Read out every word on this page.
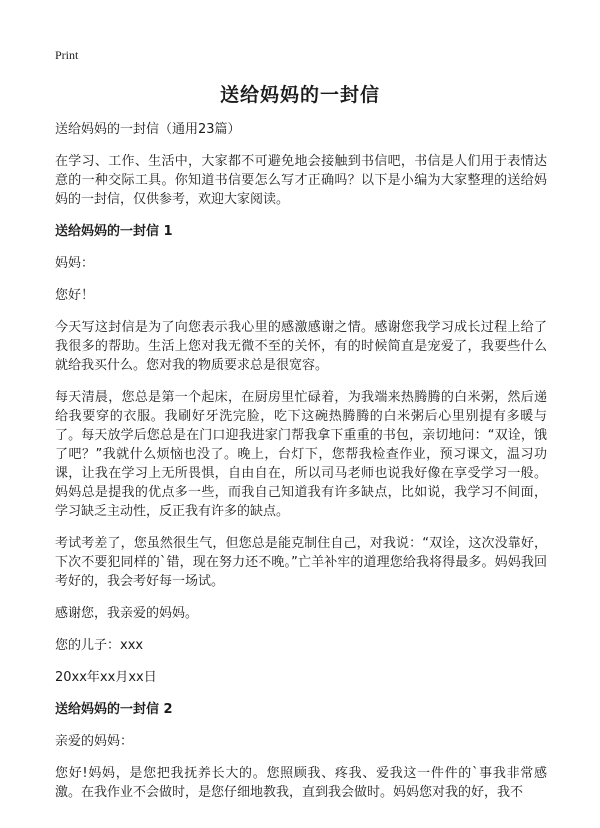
Print
送给妈妈的一封信
送给妈妈的一封信（通用23篇）
在学习、工作、生活中，大家都不可避免地会接触到书信吧，书信是人们用于表情达意的一种交际工具。你知道书信要怎么写才正确吗？以下是小编为大家整理的送给妈妈的一封信，仅供参考，欢迎大家阅读。
送给妈妈的一封信 1
妈妈：
您好！
今天写这封信是为了向您表示我心里的感激感谢之情。感谢您我学习成长过程上给了我很多的帮助。生活上您对我无微不至的关怀，有的时候简直是宠爱了，我要些什么就给我买什么。您对我的物质要求总是很宽容。
每天清晨，您总是第一个起床，在厨房里忙碌着，为我端来热腾腾的白米粥，然后递给我要穿的衣服。我刷好牙洗完脸，吃下这碗热腾腾的白米粥后心里别提有多暖与了。每天放学后您总是在门口迎我进家门帮我拿下重重的书包，亲切地问：“双诠，饿了吧？”我就什么烦恼也没了。晚上，台灯下，您帮我检查作业，预习课文，温习功课，让我在学习上无所畏惧，自由自在，所以司马老师也说我好像在享受学习一般。妈妈总是提我的优点多一些，而我自己知道我有许多缺点，比如说，我学习不间面，学习缺乏主动性，反正我有许多的缺点。
考试考差了，您虽然很生气，但您总是能克制住自己，对我说：“双诠，这次没靠好，下次不要犯同样的`错，现在努力还不晚。”亡羊补牢的道理您给我将得最多。妈妈我回考好的，我会考好每一场试。
感谢您，我亲爱的妈妈。
您的儿子：xxx
20xx年xx月xx日
送给妈妈的一封信 2
亲爱的妈妈：
您好!妈妈，是您把我抚养长大的。您照顾我、疼我、爱我这一件件的`事我非常感激。在我作业不会做时，是您仔细地教我，直到我会做时。妈妈您对我的好，我不
